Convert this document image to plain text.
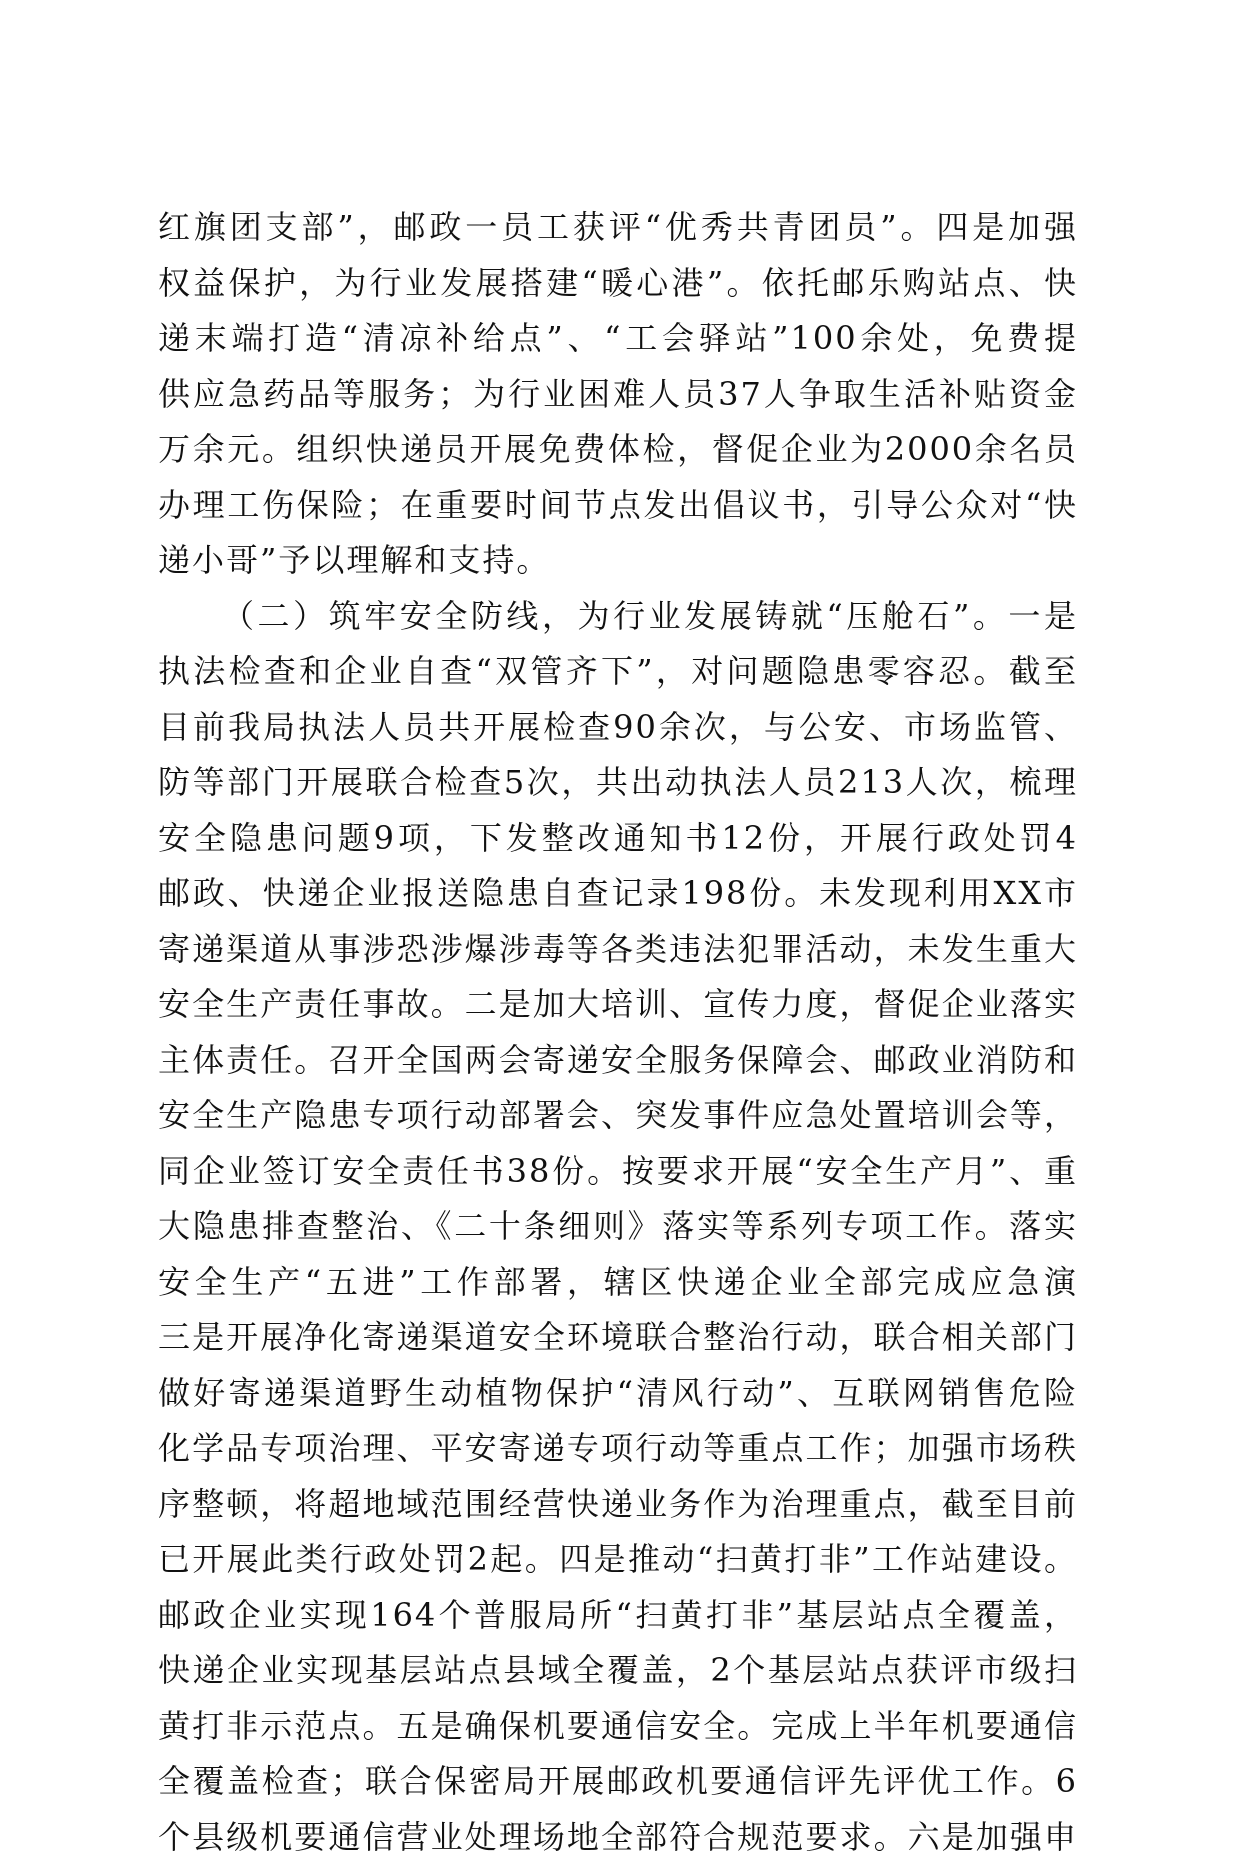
红旗团支部”，邮政一员工获评“优秀共青团员”。四是加强
权益保护，为行业发展搭建“暖心港”。依托邮乐购站点、快
递末端打造“清凉补给点”、“工会驿站”100余处，免费提
供应急药品等服务；为行业困难人员37人争取生活补贴资金
万余元。组织快递员开展免费体检，督促企业为2000余名员
办理工伤保险；在重要时间节点发出倡议书，引导公众对“快
递小哥”予以理解和支持。
（二）筑牢安全防线，为行业发展铸就“压舱石”。一是
执法检查和企业自查“双管齐下”，对问题隐患零容忍。截至
目前我局执法人员共开展检查90余次，与公安、市场监管、
防等部门开展联合检查5次，共出动执法人员213人次，梳理
安全隐患问题9项，下发整改通知书12份，开展行政处罚4
邮政、快递企业报送隐患自查记录198份。未发现利用XX市
寄递渠道从事涉恐涉爆涉毒等各类违法犯罪活动，未发生重大
安全生产责任事故。二是加大培训、宣传力度，督促企业落实
主体责任。召开全国两会寄递安全服务保障会、邮政业消防和
安全生产隐患专项行动部署会、突发事件应急处置培训会等，
同企业签订安全责任书38份。按要求开展“安全生产月”、重
大隐患排查整治、《二十条细则》落实等系列专项工作。落实
安全生产“五进”工作部署，辖区快递企业全部完成应急演
三是开展净化寄递渠道安全环境联合整治行动，联合相关部门
做好寄递渠道野生动植物保护“清风行动”、互联网销售危险
化学品专项治理、平安寄递专项行动等重点工作；加强市场秩
序整顿，将超地域范围经营快递业务作为治理重点，截至目前
已开展此类行政处罚2起。四是推动“扫黄打非”工作站建设。
邮政企业实现164个普服局所“扫黄打非”基层站点全覆盖，
快递企业实现基层站点县域全覆盖，2个基层站点获评市级扫
黄打非示范点。五是确保机要通信安全。完成上半年机要通信
全覆盖检查；联合保密局开展邮政机要通信评先评优工作。6
个县级机要通信营业处理场地全部符合规范要求。六是加强申
